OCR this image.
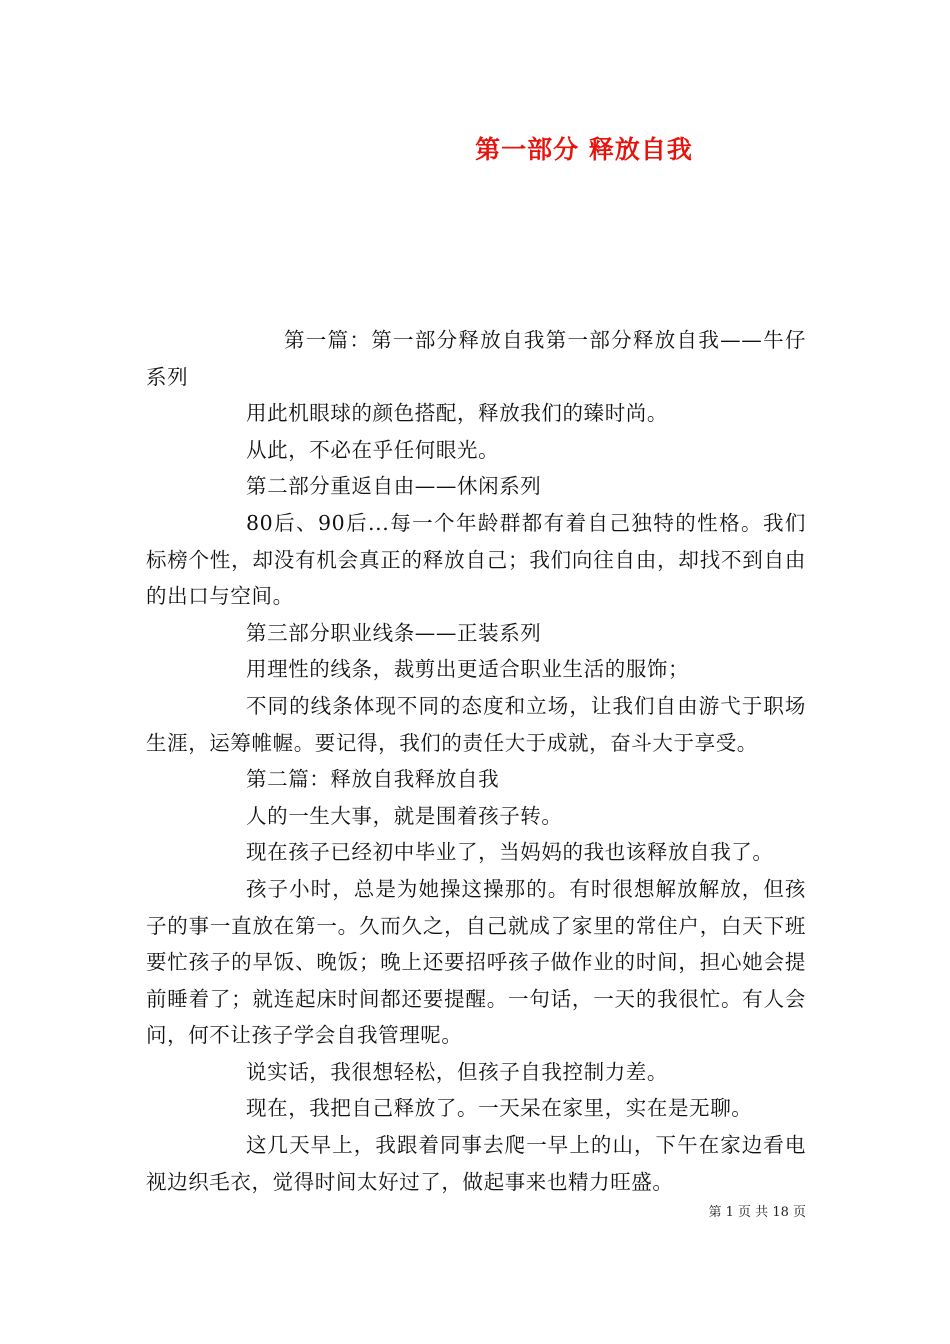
第一部分 释放自我

第一篇：第一部分释放自我第一部分释放自我——牛仔系列

用此机眼球的颜色搭配，释放我们的臻时尚。

从此，不必在乎任何眼光。

第二部分重返自由——休闲系列

80后、90后...每一个年龄群都有着自己独特的性格。我们标榜个性，却没有机会真正的释放自己；我们向往自由，却找不到自由的出口与空间。

第三部分职业线条——正装系列

用理性的线条，裁剪出更适合职业生活的服饰；

不同的线条体现不同的态度和立场，让我们自由游弋于职场生涯，运筹帷幄。要记得，我们的责任大于成就，奋斗大于享受。

第二篇：释放自我释放自我

人的一生大事，就是围着孩子转。

现在孩子已经初中毕业了，当妈妈的我也该释放自我了。

孩子小时，总是为她操这操那的。有时很想解放解放，但孩子的事一直放在第一。久而久之，自己就成了家里的常住户，白天下班要忙孩子的早饭、晚饭；晚上还要招呼孩子做作业的时间，担心她会提前睡着了；就连起床时间都还要提醒。一句话，一天的我很忙。有人会问，何不让孩子学会自我管理呢。

说实话，我很想轻松，但孩子自我控制力差。

现在，我把自己释放了。一天呆在家里，实在是无聊。

这几天早上，我跟着同事去爬一早上的山，下午在家边看电视边织毛衣，觉得时间太好过了，做起事来也精力旺盛。

第 1 页 共 18 页
